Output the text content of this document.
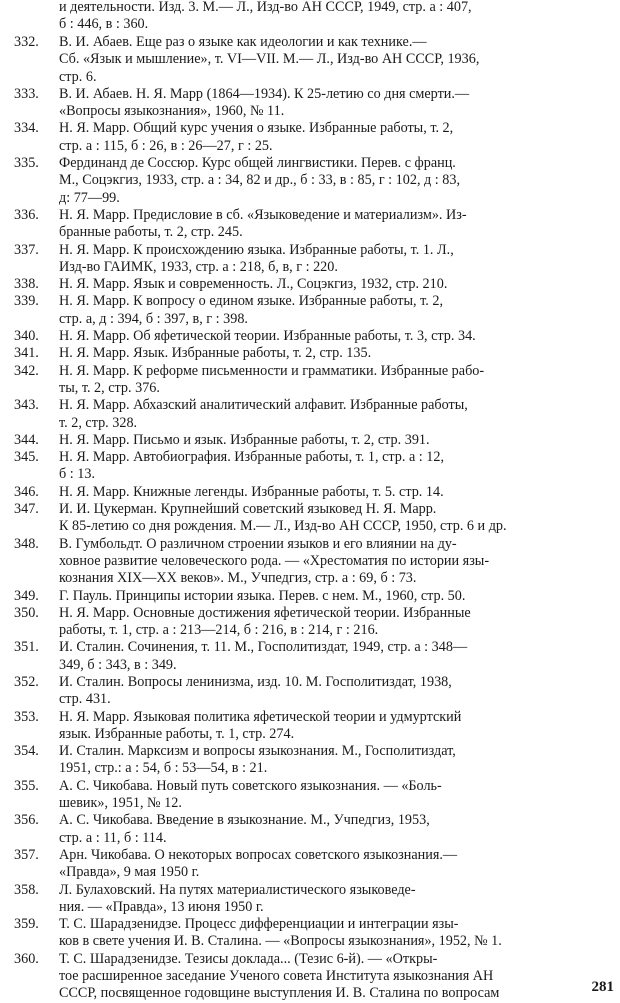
и деятельности. Изд. 3. М.— Л., Изд-во АН СССР, 1949, стр. а : 407,
б : 446, в : 360.
332.	В. И. Абаев. Еще раз о языке как идеологии и как технике.—
Сб. «Язык и мышление», т. VI—VII. М.— Л., Изд-во АН СССР, 1936,
стр. 6.
333.	В. И. Абаев. Н. Я. Марр (1864—1934). К 25-летию со дня смерти.—
«Вопросы языкознания», 1960, № 11.
334.	Н. Я. Марр. Общий курс учения о языке. Избранные работы, т. 2,
стр. а : 115, б : 26, в : 26—27, г : 25.
335.	Фердинанд де Соссюр. Курс общей лингвистики. Перев. с франц.
М., Соцэкгиз, 1933, стр. а : 34, 82 и др., б : 33, в : 85, г : 102, д : 83,
д: 77—99.
336.	Н. Я. Марр. Предисловие в сб. «Языковедение и материализм». Из-
бранные работы, т. 2, стр. 245.
337.	Н. Я. Марр. К происхождению языка. Избранные работы, т. 1. Л.,
Изд-во ГАИМК, 1933, стр. а : 218, б, в, г : 220.
338.	Н. Я. Марр. Язык и современность. Л., Соцэкгиз, 1932, стр. 210.
339.	Н. Я. Марр. К вопросу о едином языке. Избранные работы, т. 2,
стр. а, д : 394, б : 397, в, г : 398.
340.	Н. Я. Марр. Об яфетической теории. Избранные работы, т. 3, стр. 34.
341.	Н. Я. Марр. Язык. Избранные работы, т. 2, стр. 135.
342.	Н. Я. Марр. К реформе письменности и грамматики. Избранные рабо-
ты, т. 2, стр. 376.
343.	Н. Я. Марр. Абхазский аналитический алфавит. Избранные работы,
т. 2, стр. 328.
344.	Н. Я. Марр. Письмо и язык. Избранные работы, т. 2, стр. 391.
345.	Н. Я. Марр. Автобиография. Избранные работы, т. 1, стр. а : 12,
б : 13.
346.	Н. Я. Марр. Книжные легенды. Избранные работы, т. 5. стр. 14.
347.	И. И. Цукерман. Крупнейший советский языковед Н. Я. Марр.
К 85-летию со дня рождения. М.— Л., Изд-во АН СССР, 1950, стр. 6 и др.
348.	В. Гумбольдт. О различном строении языков и его влиянии на ду-
ховное развитие человеческого рода. — «Хрестоматия по истории язы-
кознания XIX—XX веков». М., Учпедгиз, стр. а : 69, б : 73.
349.	Г. Пауль. Принципы истории языка. Перев. с нем. М., 1960, стр. 50.
350.	Н. Я. Марр. Основные достижения яфетической теории. Избранные
работы, т. 1, стр. а : 213—214, б : 216, в : 214, г : 216.
351.	И. Сталин. Сочинения, т. 11. М., Госполитиздат, 1949, стр. а : 348—
349, б : 343, в : 349.
352.	И. Сталин. Вопросы ленинизма, изд. 10. М. Госполитиздат, 1938,
стр. 431.
353.	Н. Я. Марр. Языковая политика яфетической теории и удмуртский
язык. Избранные работы, т. 1, стр. 274.
354.	И. Сталин. Марксизм и вопросы языкознания. М., Госполитиздат,
1951, стр.: а : 54, б : 53—54, в : 21.
355.	А. С. Чикобава. Новый путь советского языкознания. — «Боль-
шевик», 1951, № 12.
356.	А. С. Чикобава. Введение в языкознание. М., Учпедгиз, 1953,
стр. а : 11, б : 114.
357.	Арн. Чикобава. О некоторых вопросах советского языкознания.—
«Правда», 9 мая 1950 г.
358.	Л. Булаховский. На путях материалистического языковеде-
ния. — «Правда», 13 июня 1950 г.
359.	Т. С. Шарадзенидзе. Процесс дифференциации и интеграции язы-
ков в свете учения И. В. Сталина. — «Вопросы языкознания», 1952, № 1.
360.	Т. С. Шарадзенидзе. Тезисы доклада... (Тезис 6-й). — «Откры-
тое расширенное заседание Ученого совета Института языкознания АН
СССР, посвященное годовщине выступления И. В. Сталина по вопросам	281
